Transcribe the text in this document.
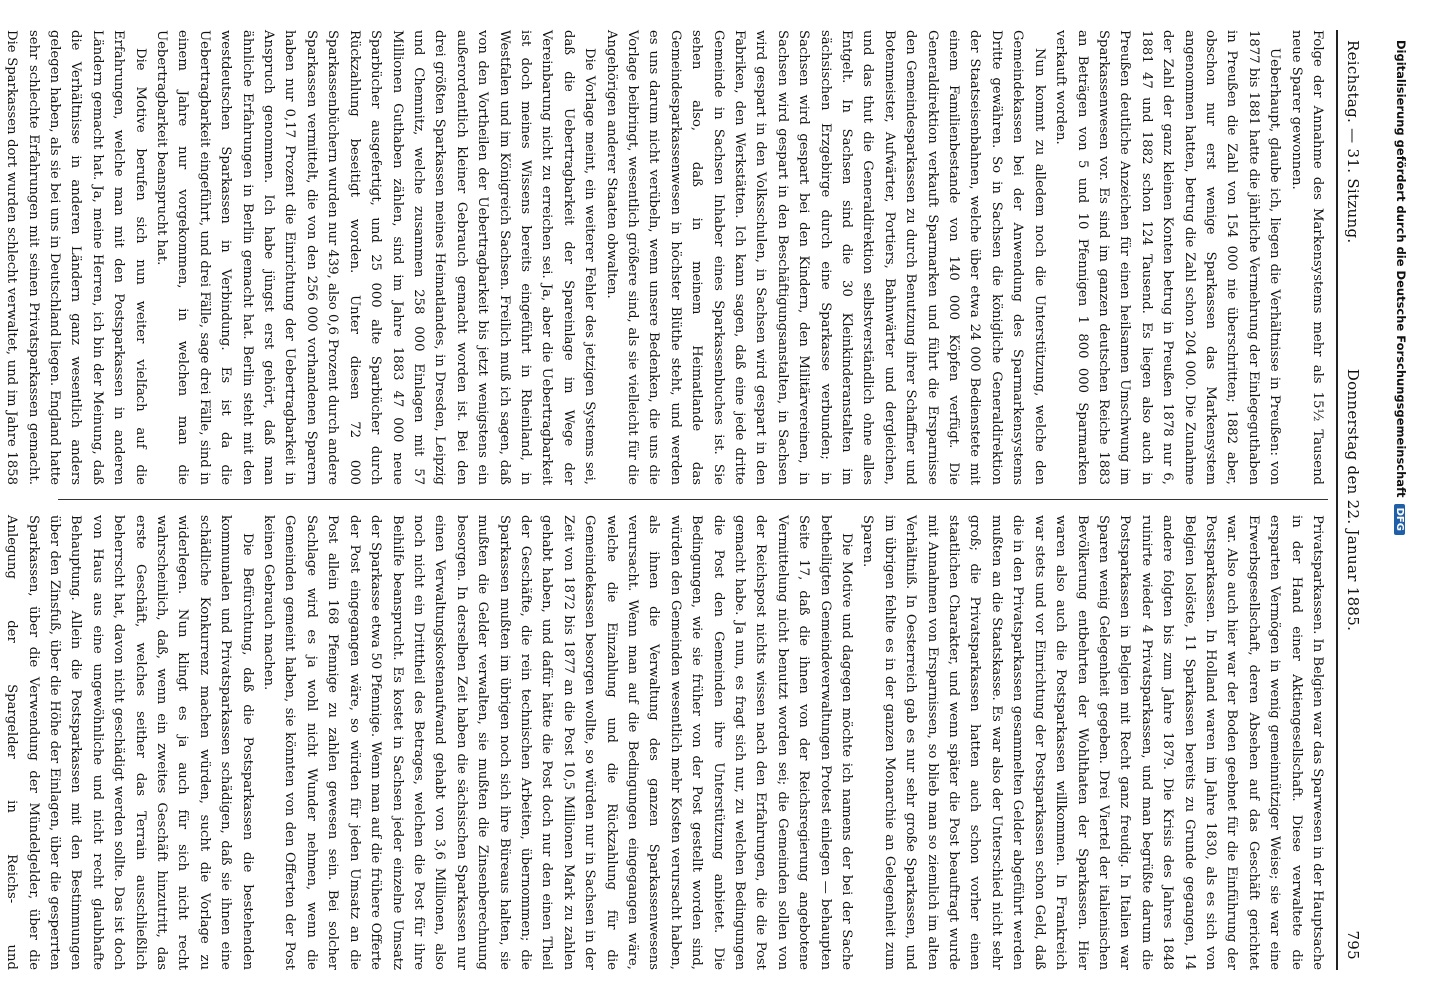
Reichstag. — 31. Sitzung.
Donnerstag den 22. Januar 1885.
795

Folge der Annahme des Markensystems mehr als 15½ Tausend neue Sparer gewonnen.

Ueberhaupt, glaube ich, liegen die Verhältnisse in Preußen: von 1877 bis 1881 hatte die jährliche Vermehrung der Einlegeguthaben in Preußen die Zahl von 154 000 nie überschritten; 1882 aber, obschon nur erst wenige Sparkassen das Markensystem angenommen hatten, betrug die Zahl schon 204 000. Die Zunahme der Zahl der ganz kleinen Konten betrug in Preußen 1878 nur 6, 1881 47 und 1882 schon 124 Tausend. Es liegen also auch in Preußen deutliche Anzeichen für einen heilsamen Umschwung im Sparkassenwesen vor. Es sind im ganzen deutschen Reiche 1883 an Beträgen von 5 und 10 Pfennigen 1 800 000 Sparmarken verkauft worden.

Nun kommt zu alledem noch die Unterstützung, welche den Gemeindekassen bei der Anwendung des Sparmarkensystems Dritte gewähren. So in Sachsen die königliche Generaldirektion der Staatseisenbahnen, welche über etwa 24 000 Bedienstete mit einem Familienbestande von 140 000 Köpfen verfügt. Die Generaldirektion verkauft Sparmarken und führt die Ersparnisse den Gemeindesparkassen zu durch Benutzung ihrer Schaffner und Botenmeister, Aufwärter, Portiers, Bahnwärter und dergleichen, und das thut die Generaldirektion selbstverständlich ohne alles Entgelt. In Sachsen sind die 30 Kleinkinderanstalten im sächsischen Erzgebirge durch eine Sparkasse verbunden; in Sachsen wird gespart bei den Kindern, den Militärvereinen, in Sachsen wird gespart in den Beschäftigungsanstalten, in Sachsen wird gespart in den Volksschulen, in Sachsen wird gespart in den Fabriken, den Werkstätten. Ich kann sagen, daß eine jede dritte Gemeinde in Sachsen Inhaber eines Sparkassenbuches ist. Sie sehen also, daß in meinem Heimatlande das Gemeindesparkassenwesen in höchster Blüthe steht, und werden es uns darum nicht verübeln, wenn unsere Bedenken, die uns die Vorlage beibringt, wesentlich größere sind, als sie vielleicht für die Angehörigen anderer Staaten obwalten.

Die Vorlage meint, ein weiterer Fehler des jetzigen Systems sei, daß die Uebertragbarkeit der Spareinlage im Wege der Vereinbarung nicht zu erreichen sei. Ja, aber die Uebertragbarkeit ist doch meines Wissens bereits eingeführt in Rheinland, in Westfalen und im Königreich Sachsen. Freilich muß ich sagen, daß von den Vortheilen der Uebertragbarkeit bis jetzt wenigstens ein außerordentlich kleiner Gebrauch gemacht worden ist. Bei den drei größten Sparkassen meines Heimatlandes, in Dresden, Leipzig und Chemnitz, welche zusammen 258 000 Einlagen mit 57 Millionen Guthaben zählen, sind im Jahre 1883 47 000 neue Sparbücher ausgefertigt, und 25 000 alte Sparbücher durch Rückzahlung beseitigt worden. Unter diesen 72 000 Sparkassenbüchern wurden nur 439, also 0,6 Prozent durch andere Sparkassen vermittelt, die von den 256 000 vorhandenen Sparern haben nur 0,17 Prozent die Einrichtung der Uebertragbarkeit in Anspruch genommen. Ich habe jüngst erst gehört, daß man ähnliche Erfahrungen in Berlin gemacht hat. Berlin steht mit den westdeutschen Sparkassen in Verbindung. Es ist da die Uebertragbarkeit eingeführt, und drei Fälle, sage drei Fälle, sind in einem Jahre nur vorgekommen, in welchen man die Uebertragbarkeit beansprucht hat.

Die Motive berufen sich nun weiter vielfach auf die Erfahrungen, welche man mit den Postsparkassen in anderen Ländern gemacht hat. Ja, meine Herren, ich bin der Meinung, daß die Verhältnisse in anderen Ländern ganz wesentlich anders gelegen haben, als sie bei uns in Deutschland liegen. England hatte sehr schlechte Erfahrungen mit seinen Privatsparkassen gemacht. Die Sparkassen dort wurden schlecht verwaltet, und im Jahre 1858

Privatsparkassen. In Belgien war das Sparwesen in der Hauptsache in der Hand einer Aktiengesellschaft. Diese verwaltete die ersparten Vermögen in wenig gemeinnütziger Weise; sie war eine Erwerbsgesellschaft, deren Absehen auf das Geschäft gerichtet war. Also auch hier war der Boden geebnet für die Einführung der Postsparkassen. In Holland waren im Jahre 1830, als es sich von Belgien loslöste, 11 Sparkassen bereits zu Grunde gegangen, 14 andere folgten bis zum Jahre 1879. Die Krisis des Jahres 1848 ruinirte wieder 4 Privatsparkassen, und man begrüßte darum die Postsparkassen in Belgien mit Recht ganz freudig. In Italien war Sparen wenig Gelegenheit gegeben. Drei Viertel der italienischen Bevölkerung entbehrten der Wohlthaten der Sparkassen. Hier waren also auch die Postsparkassen willkommen. In Frankreich war stets und vor Einrichtung der Postsparkassen schon Geld, daß die in den Privatsparkassen gesammelten Gelder abgeführt werden mußten an die Staatskasse. Es war also der Unterschied nicht sehr groß; die Privatsparkassen hatten auch schon vorher einen staatlichen Charakter, und wenn später die Post beauftragt wurde mit Annahmen von Ersparnissen, so blieb man so ziemlich im alten Verhältniß. In Oesterreich gab es nur sehr große Sparkassen, und im übrigen fehlte es in der ganzen Monarchie an Gelegenheit zum Sparen.

Die Motive und dagegen möchte ich namens der bei der Sache betheiligten Gemeindeverwaltungen Protest einlegen — behaupten Seite 17, daß die ihnen von der Reichsregierung angebotene Vermittelung nicht benutzt worden sei; die Gemeinden sollen von der Reichspost nichts wissen nach den Erfahrungen, die die Post gemacht habe. Ja nun, es fragt sich nur, zu welchen Bedingungen die Post den Gemeinden ihre Unterstützung anbietet. Die Bedingungen, wie sie früher von der Post gestellt worden sind, würden den Gemeinden wesentlich mehr Kosten verursacht haben, als ihnen die Verwaltung des ganzen Sparkassenwesens verursacht. Wenn man auf die Bedingungen eingegangen wäre, welche die Einzahlung und die Rückzahlung für die Gemeindekassen besorgen wollte, so würden nur in Sachsen in der Zeit von 1872 bis 1877 an die Post 10,5 Millionen Mark zu zahlen gehabt haben, und dafür hätte die Post doch nur den einen Theil der Geschäfte, die rein technischen Arbeiten, übernommen; die Sparkassen mußten im übrigen noch sich ihre Büreaus halten, sie mußten die Gelder verwalten, sie mußten die Zinsenberechnung besorgen. In derselben Zeit haben die sächsischen Sparkassen nur einen Verwaltungskostenaufwand gehabt von 3,6 Millionen, also noch nicht ein Dritttheil des Betrages, welchen die Post für ihre Beihilfe beansprucht. Es kostet in Sachsen jeder einzelne Umsatz der Sparkasse etwa 50 Pfennige. Wenn man auf die frühere Offerte der Post eingegangen wäre, so würden für jeden Umsatz an die Post allein 168 Pfennige zu zahlen gewesen sein. Bei solcher Sachlage wird es ja wohl nicht Wunder nehmen, wenn die Gemeinden gemeint haben, sie könnten von den Offerten der Post keinen Gebrauch machen.

Die Befürchtung, daß die Postsparkassen die bestehenden kommunalen und Privatsparkassen schädigen, daß sie ihnen eine schädliche Konkurrenz machen würden, sucht die Vorlage zu widerlegen. Nun klingt es ja auch für sich nicht recht wahrscheinlich, daß, wenn ein zweites Geschäft hinzutritt, das erste Geschäft, welches seither das Terrain ausschließlich beherrscht hat, davon nicht geschädigt werden sollte. Das ist doch von Haus aus eine ungewöhnliche und nicht recht glaubhafte Behauptung. Allein die Postsparkassen mit den Bestimmungen über den Zinsfuß, über die Höhe der Einlagen, über die gesperrten Sparkassen, über die Verwendung der Mündelgelder, über die Anlegung der Spargelder in Reichs- und

Digitalisierung gefördert durch die Deutsche ForschungsgemeinschaftDFG
